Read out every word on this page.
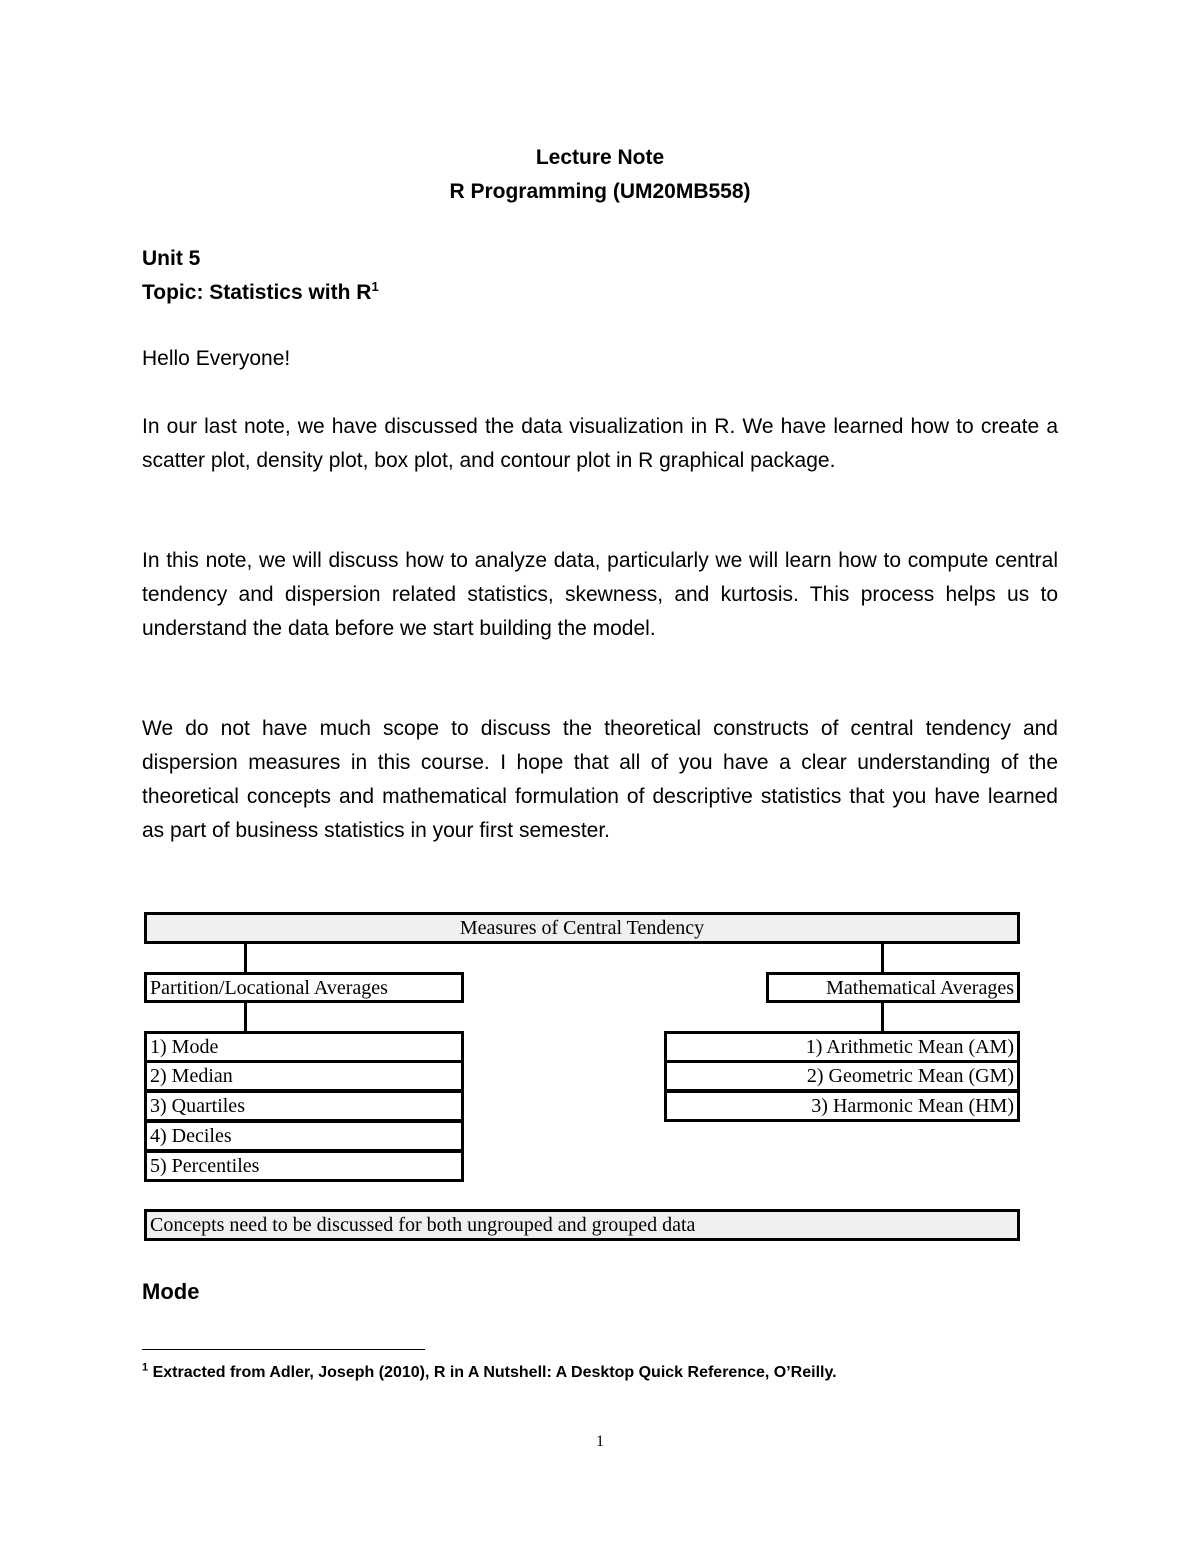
Lecture Note
R Programming (UM20MB558)
Unit 5
Topic: Statistics with R$^1$
Hello Everyone!

In our last note, we have discussed the data visualization in R. We have learned how to create a scatter plot, density plot, box plot, and contour plot in R graphical package.

In this note, we will discuss how to analyze data, particularly we will learn how to compute central tendency and dispersion related statistics, skewness, and kurtosis. This process helps us to understand the data before we start building the model.

We do not have much scope to discuss the theoretical constructs of central tendency and dispersion measures in this course. I hope that all of you have a clear understanding of the theoretical concepts and mathematical formulation of descriptive statistics that you have learned as part of business statistics in your first semester.

Measures of Central Tendency
Partition/Locational Averages	Mathematical Averages
1) Mode
2) Median
3) Quartiles
4) Deciles
5) Percentiles
1) Arithmetic Mean (AM)
2) Geometric Mean (GM)
3) Harmonic Mean (HM)
Concepts need to be discussed for both ungrouped and grouped data
Mode
$^1$ Extracted from Adler, Joseph (2010), R in A Nutshell: A Desktop Quick Reference, O’Reilly.
1
